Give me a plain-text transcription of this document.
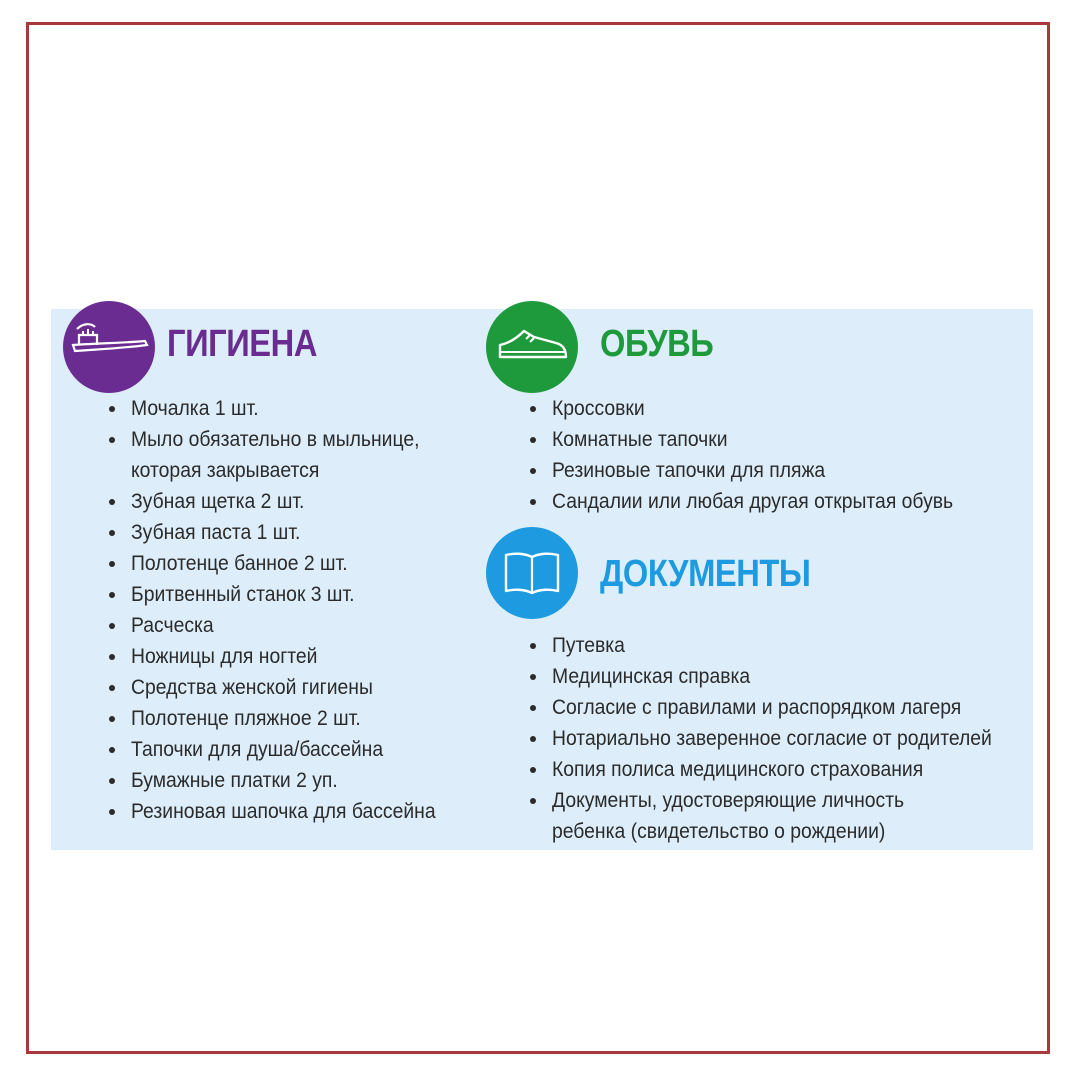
ГИГИЕНА
Мочалка 1 шт.
Мыло обязательно в мыльнице,
которая закрывается
Зубная щетка 2 шт.
Зубная паста 1 шт.
Полотенце банное 2 шт.
Бритвенный станок 3 шт.
Расческа
Ножницы для ногтей
Средства женской гигиены
Полотенце пляжное 2 шт.
Тапочки для душа/бассейна
Бумажные платки 2 уп.
Резиновая шапочка для бассейна
ОБУВЬ
Кроссовки
Комнатные тапочки
Резиновые тапочки для пляжа
Сандалии или любая другая открытая обувь
ДОКУМЕНТЫ
Путевка
Медицинская справка
Согласие с правилами и распорядком лагеря
Нотариально заверенное согласие от родителей
Копия полиса медицинского страхования
Документы, удостоверяющие личность
ребенка (свидетельство о рождении)
